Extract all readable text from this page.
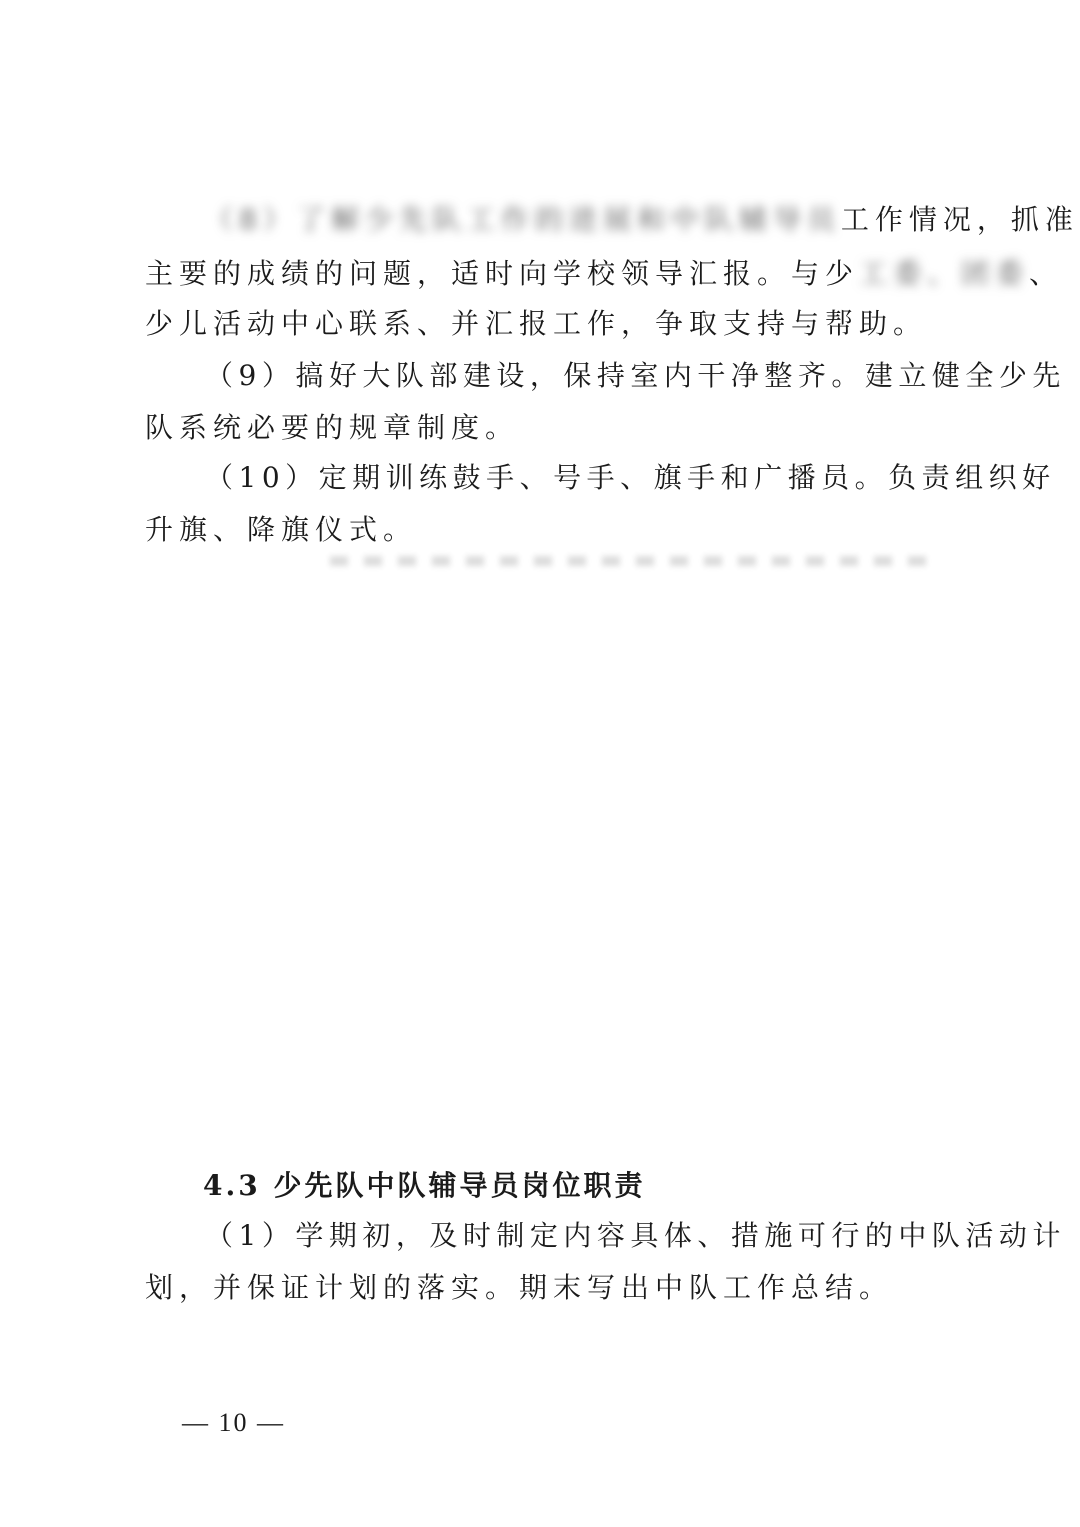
（8）了解少先队工作的进展和中队辅导员工作情况，抓准
主要的成绩的问题，适时向学校领导汇报。与少工委、团委、
少儿活动中心联系、并汇报工作，争取支持与帮助。
（9）搞好大队部建设，保持室内干净整齐。建立健全少先
队系统必要的规章制度。
（10）定期训练鼓手、号手、旗手和广播员。负责组织好
升旗、降旗仪式。
4.3 少先队中队辅导员岗位职责
（1）学期初，及时制定内容具体、措施可行的中队活动计
划，并保证计划的落实。期末写出中队工作总结。
— 10 —
